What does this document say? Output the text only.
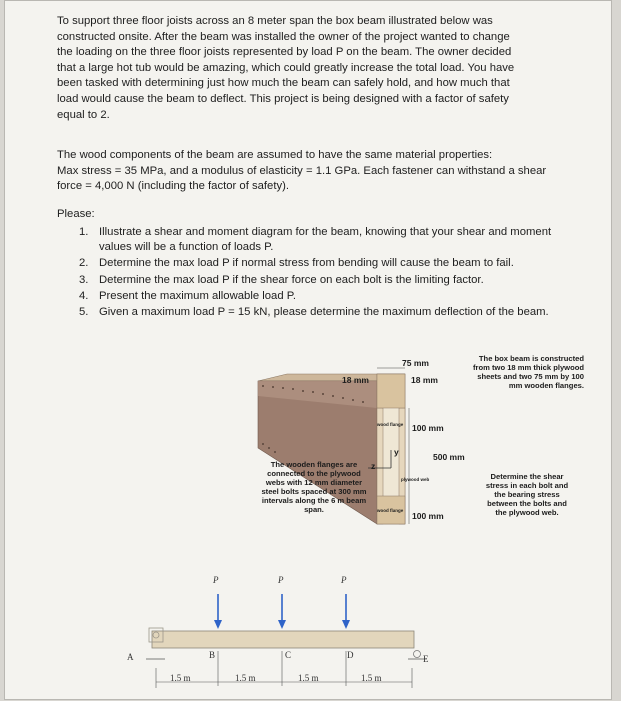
To support three floor joists across an 8 meter span the box beam illustrated below was
constructed onsite. After the beam was installed the owner of the project wanted to change
the loading on the three floor joists represented by load P on the beam. The owner decided
that a large hot tub would be amazing, which could greatly increase the total load. You have
been tasked with determining just how much the beam can safely hold, and how much that
load would cause the beam to deflect. This project is being designed with a factor of safety
equal to 2.
The wood components of the beam are assumed to have the same material properties:
Max stress = 35 MPa, and a modulus of elasticity = 1.1 GPa. Each fastener can withstand a shear
force = 4,000 N (including the factor of safety).
Please:
1. Illustrate a shear and moment diagram for the beam, knowing that your shear and moment values will be a function of loads P.
2. Determine the max load P if normal stress from bending will cause the beam to fail.
3. Determine the max load P if the shear force on each bolt is the limiting factor.
4. Present the maximum allowable load P.
5. Given a maximum load P = 15 kN, please determine the maximum deflection of the beam.
75 mm
18 mm	18 mm
100 mm
500 mm
100 mm
z
y
wood flange
plywood web
wood flange
The box beam is constructed from two 18 mm thick plywood sheets and two 75 mm by 100 mm wooden flanges.
The wooden flanges are connected to the plywood webs with 12 mm diameter steel bolts spaced at 300 mm intervals along the 6 m beam span.
Determine the shear stress in each bolt and the bearing stress between the bolts and the plywood web.
P	P	P
A	B	C	D	E
1.5 m	1.5 m	1.5 m	1.5 m
